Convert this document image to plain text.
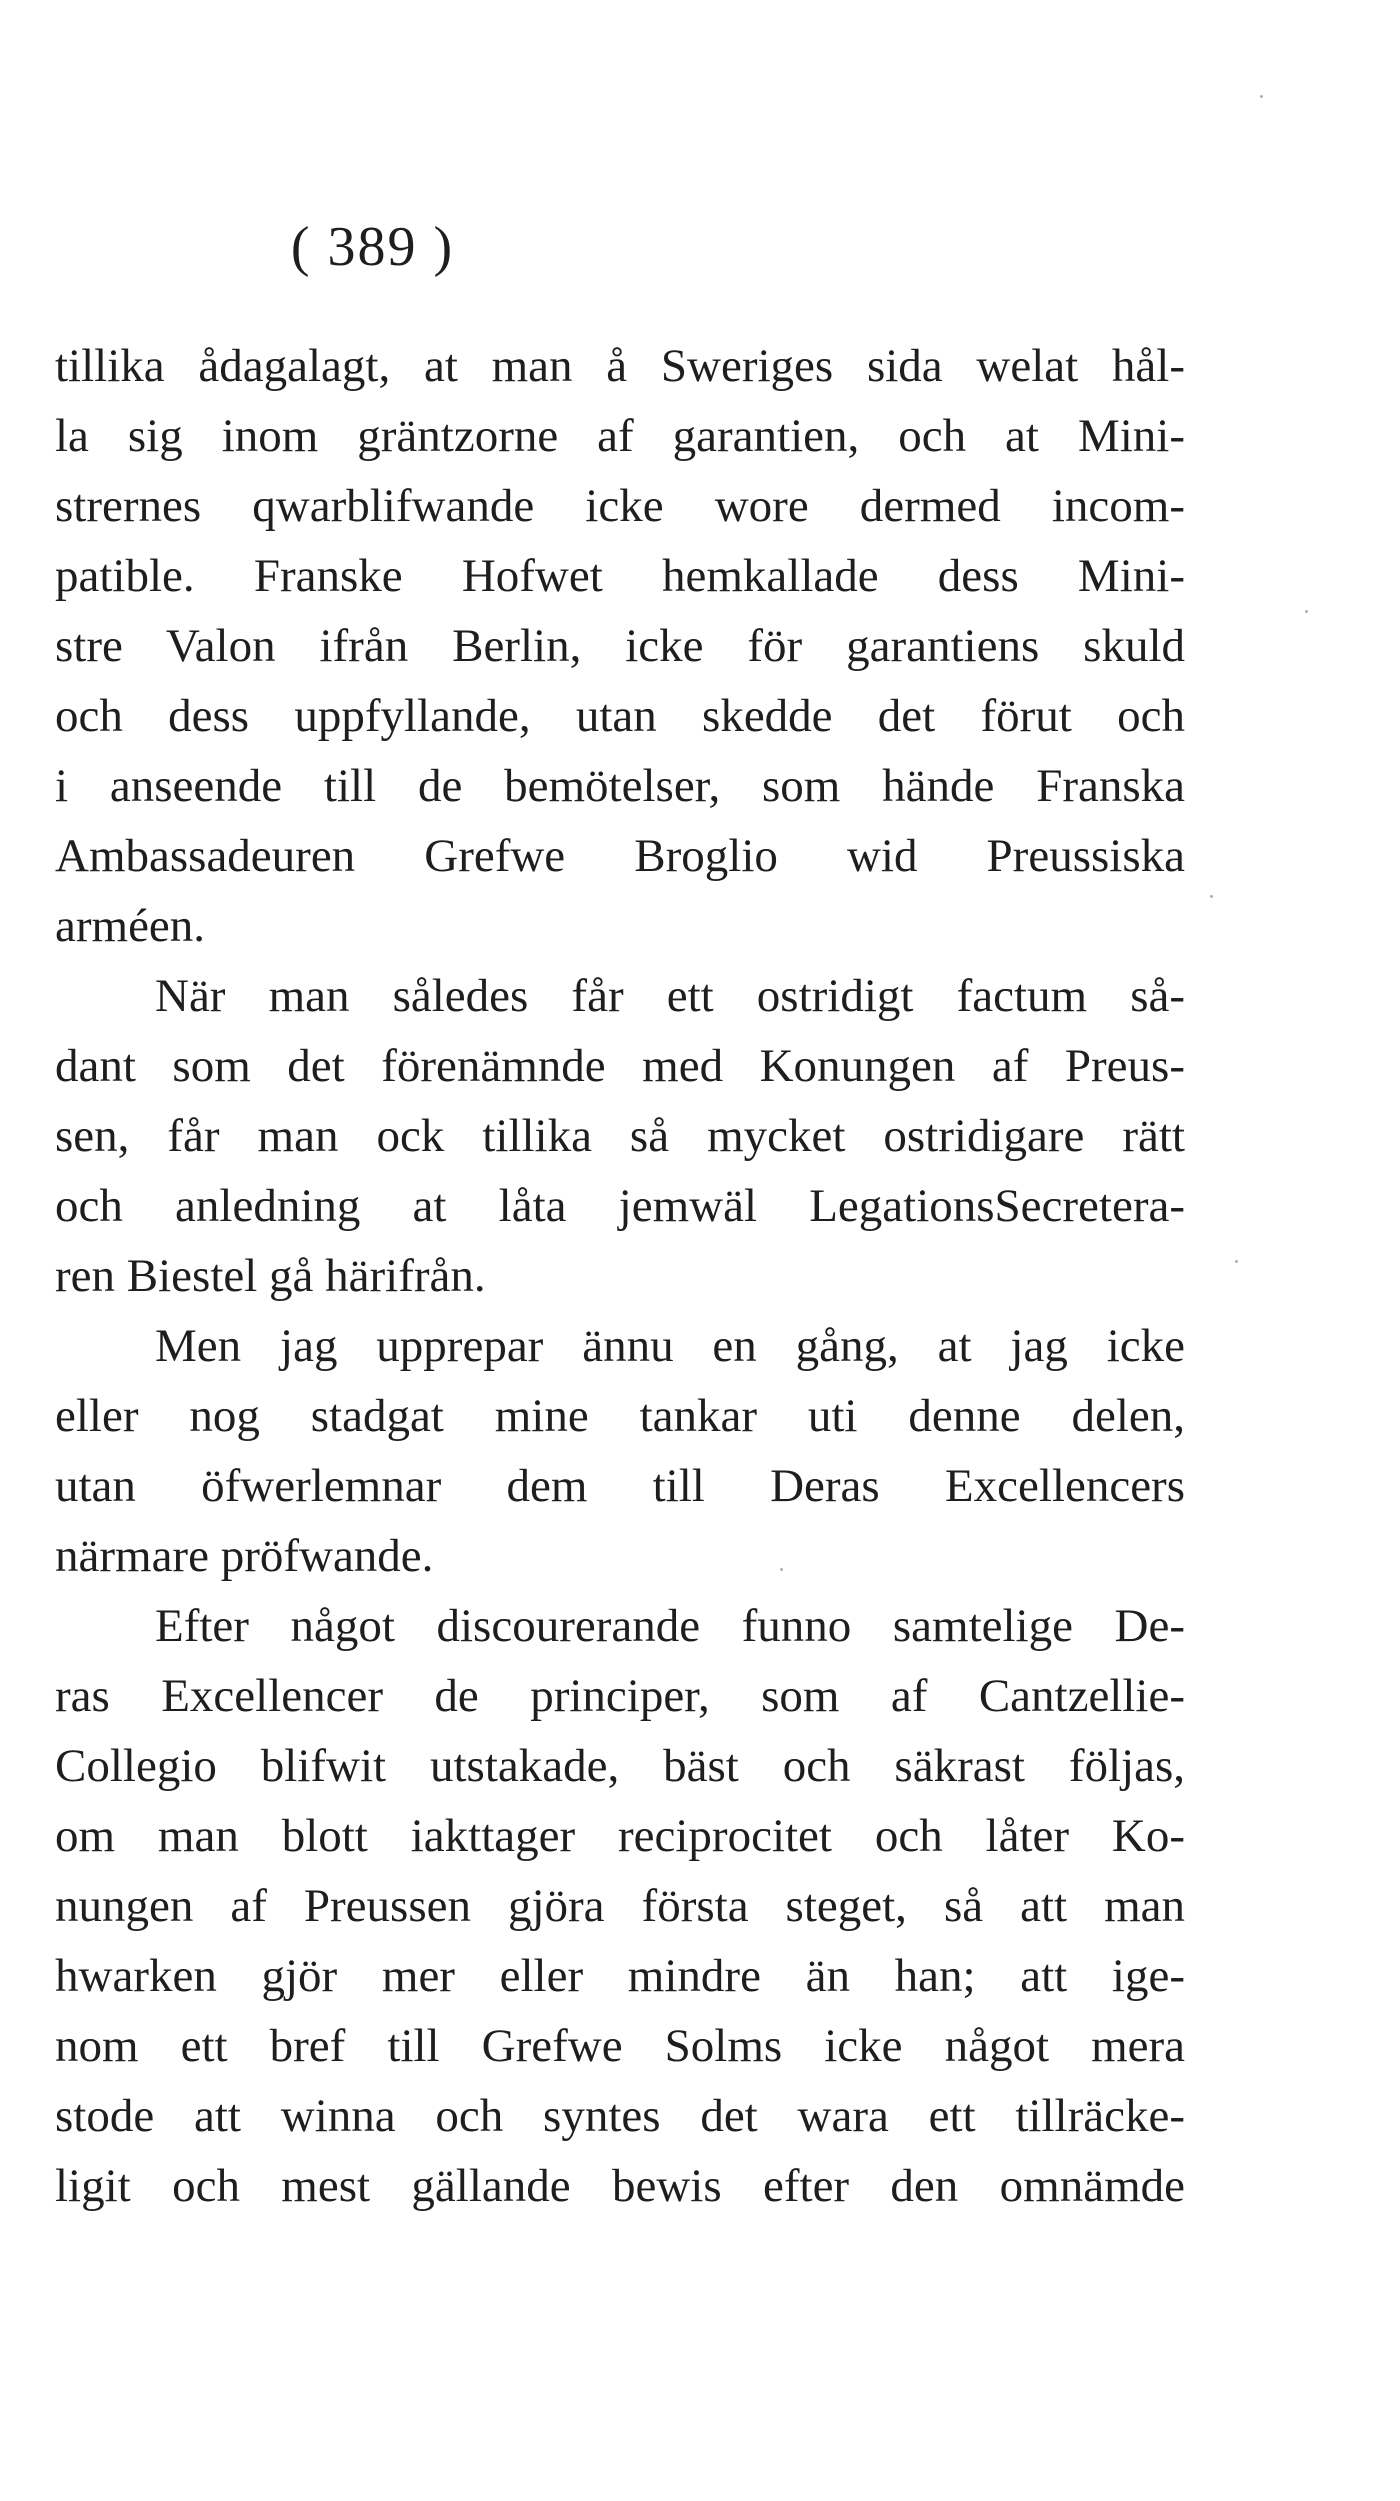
( 389 )
tillika ådagalagt, at man å Sweriges sida welat hål-
la sig inom gräntzorne af garantien, och at Mini-
strernes qwarblifwande icke wore dermed incom-
patible. Franske Hofwet hemkallade dess Mini-
stre Valon ifrån Berlin, icke för garantiens skuld
och dess uppfyllande, utan skedde det förut och
i anseende till de bemötelser, som hände Franska
Ambassadeuren Grefwe Broglio wid Preussiska
arméen.
När man således får ett ostridigt factum så-
dant som det förenämnde med Konungen af Preus-
sen, får man ock tillika så mycket ostridigare rätt
och anledning at låta jemwäl LegationsSecretera-
ren Biestel gå härifrån.
Men jag upprepar ännu en gång, at jag icke
eller nog stadgat mine tankar uti denne delen,
utan öfwerlemnar dem till Deras Excellencers
närmare pröfwande.
Efter något discourerande funno samtelige De-
ras Excellencer de principer, som af Cantzellie-
Collegio blifwit utstakade, bäst och säkrast följas,
om man blott iakttager reciprocitet och låter Ko-
nungen af Preussen gjöra första steget, så att man
hwarken gjör mer eller mindre än han; att ige-
nom ett bref till Grefwe Solms icke något mera
stode att winna och syntes det wara ett tillräcke-
ligit och mest gällande bewis efter den omnämde
